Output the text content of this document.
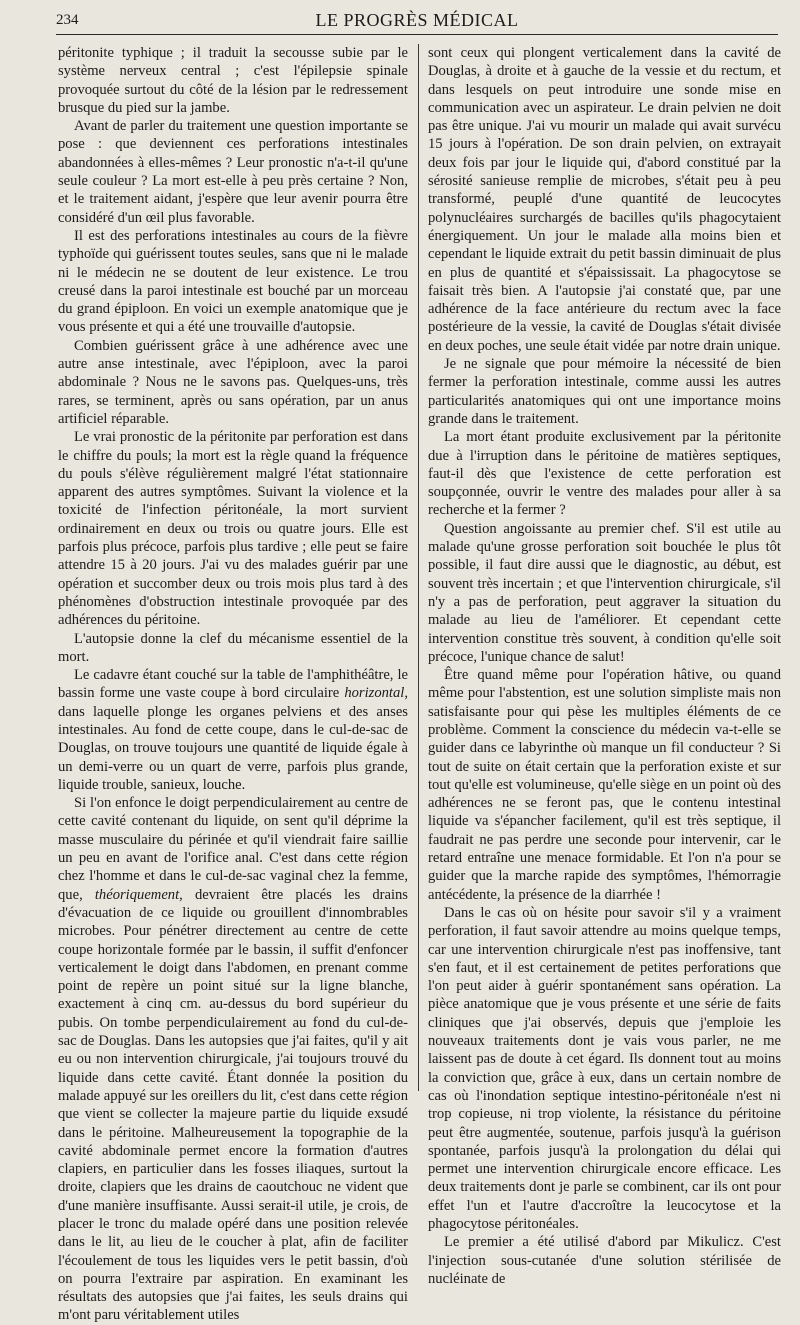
234	LE PROGRÈS MÉDICAL

péritonite typhique ; il traduit la secousse subie par le système nerveux central ; c'est l'épilepsie spinale provoquée surtout du côté de la lésion par le redressement brusque du pied sur la jambe.

Avant de parler du traitement une question importante se pose : que deviennent ces perforations intestinales abandonnées à elles-mêmes ? Leur pronostic n'a-t-il qu'une seule couleur ? La mort est-elle à peu près certaine ? Non, et le traitement aidant, j'espère que leur avenir pourra être considéré d'un œil plus favorable.

Il est des perforations intestinales au cours de la fièvre typhoïde qui guérissent toutes seules, sans que ni le malade ni le médecin ne se doutent de leur existence. Le trou creusé dans la paroi intestinale est bouché par un morceau du grand épiploon. En voici un exemple anatomique que je vous présente et qui a été une trouvaille d'autopsie.

Combien guérissent grâce à une adhérence avec une autre anse intestinale, avec l'épiploon, avec la paroi abdominale ? Nous ne le savons pas. Quelques-uns, très rares, se terminent, après ou sans opération, par un anus artificiel réparable.

Le vrai pronostic de la péritonite par perforation est dans le chiffre du pouls; la mort est la règle quand la fréquence du pouls s'élève régulièrement malgré l'état stationnaire apparent des autres symptômes. Suivant la violence et la toxicité de l'infection péritonéale, la mort survient ordinairement en deux ou trois ou quatre jours. Elle est parfois plus précoce, parfois plus tardive ; elle peut se faire attendre 15 à 20 jours. J'ai vu des malades guérir par une opération et succomber deux ou trois mois plus tard à des phénomènes d'obstruction intestinale provoquée par des adhérences du péritoine.

L'autopsie donne la clef du mécanisme essentiel de la mort.

Le cadavre étant couché sur la table de l'amphithéâtre, le bassin forme une vaste coupe à bord circulaire horizontal, dans laquelle plonge les organes pelviens et des anses intestinales. Au fond de cette coupe, dans le cul-de-sac de Douglas, on trouve toujours une quantité de liquide égale à un demi-verre ou un quart de verre, parfois plus grande, liquide trouble, sanieux, louche.

Si l'on enfonce le doigt perpendiculairement au centre de cette cavité contenant du liquide, on sent qu'il déprime la masse musculaire du périnée et qu'il viendrait faire saillie un peu en avant de l'orifice anal. C'est dans cette région chez l'homme et dans le cul-de-sac vaginal chez la femme, que, théoriquement, devraient être placés les drains d'évacuation de ce liquide ou grouillent d'innombrables microbes. Pour pénétrer directement au centre de cette coupe horizontale formée par le bassin, il suffit d'enfoncer verticalement le doigt dans l'abdomen, en prenant comme point de repère un point situé sur la ligne blanche, exactement à cinq cm. au-dessus du bord supérieur du pubis. On tombe perpendiculairement au fond du cul-de-sac de Douglas. Dans les autopsies que j'ai faites, qu'il y ait eu ou non intervention chirurgicale, j'ai toujours trouvé du liquide dans cette cavité. Étant donnée la position du malade appuyé sur les oreillers du lit, c'est dans cette région que vient se collecter la majeure partie du liquide exsudé dans le péritoine. Malheureusement la topographie de la cavité abdominale permet encore la formation d'autres clapiers, en particulier dans les fosses iliaques, surtout la droite, clapiers que les drains de caoutchouc ne vident que d'une manière insuffisante. Aussi serait-il utile, je crois, de placer le tronc du malade opéré dans une position relevée dans le lit, au lieu de le coucher à plat, afin de faciliter l'écoulement de tous les liquides vers le petit bassin, d'où on pourra l'extraire par aspiration. En examinant les résultats des autopsies que j'ai faites, les seuls drains qui m'ont paru véritablement utiles

sont ceux qui plongent verticalement dans la cavité de Douglas, à droite et à gauche de la vessie et du rectum, et dans lesquels on peut introduire une sonde mise en communication avec un aspirateur. Le drain pelvien ne doit pas être unique. J'ai vu mourir un malade qui avait survécu 15 jours à l'opération. De son drain pelvien, on extrayait deux fois par jour le liquide qui, d'abord constitué par la sérosité sanieuse remplie de microbes, s'était peu à peu transformé, peuplé d'une quantité de leucocytes polynucléaires surchargés de bacilles qu'ils phagocytaient énergiquement. Un jour le malade alla moins bien et cependant le liquide extrait du petit bassin diminuait de plus en plus de quantité et s'épaississait. La phagocytose se faisait très bien. A l'autopsie j'ai constaté que, par une adhérence de la face antérieure du rectum avec la face postérieure de la vessie, la cavité de Douglas s'était divisée en deux poches, une seule était vidée par notre drain unique.

Je ne signale que pour mémoire la nécessité de bien fermer la perforation intestinale, comme aussi les autres particularités anatomiques qui ont une importance moins grande dans le traitement.

La mort étant produite exclusivement par la péritonite due à l'irruption dans le péritoine de matières septiques, faut-il dès que l'existence de cette perforation est soupçonnée, ouvrir le ventre des malades pour aller à sa recherche et la fermer ?

Question angoissante au premier chef. S'il est utile au malade qu'une grosse perforation soit bouchée le plus tôt possible, il faut dire aussi que le diagnostic, au début, est souvent très incertain ; et que l'intervention chirurgicale, s'il n'y a pas de perforation, peut aggraver la situation du malade au lieu de l'améliorer. Et cependant cette intervention constitue très souvent, à condition qu'elle soit précoce, l'unique chance de salut!

Être quand même pour l'opération hâtive, ou quand même pour l'abstention, est une solution simpliste mais non satisfaisante pour qui pèse les multiples éléments de ce problème. Comment la conscience du médecin va-t-elle se guider dans ce labyrinthe où manque un fil conducteur ? Si tout de suite on était certain que la perforation existe et sur tout qu'elle est volumineuse, qu'elle siège en un point où des adhérences ne se feront pas, que le contenu intestinal liquide va s'épancher facilement, qu'il est très septique, il faudrait ne pas perdre une seconde pour intervenir, car le retard entraîne une menace formidable. Et l'on n'a pour se guider que la marche rapide des symptômes, l'hémorragie antécédente, la présence de la diarrhée !

Dans le cas où on hésite pour savoir s'il y a vraiment perforation, il faut savoir attendre au moins quelque temps, car une intervention chirurgicale n'est pas inoffensive, tant s'en faut, et il est certainement de petites perforations que l'on peut aider à guérir spontanément sans opération. La pièce anatomique que je vous présente et une série de faits cliniques que j'ai observés, depuis que j'emploie les nouveaux traitements dont je vais vous parler, ne me laissent pas de doute à cet égard. Ils donnent tout au moins la conviction que, grâce à eux, dans un certain nombre de cas où l'inondation septique intestino-péritonéale n'est ni trop copieuse, ni trop violente, la résistance du péritoine peut être augmentée, soutenue, parfois jusqu'à la guérison spontanée, parfois jusqu'à la prolongation du délai qui permet une intervention chirurgicale encore efficace. Les deux traitements dont je parle se combinent, car ils ont pour effet l'un et l'autre d'accroître la leucocytose et la phagocytose péritonéales.

Le premier a été utilisé d'abord par Mikulicz. C'est l'injection sous-cutanée d'une solution stérilisée de nucléinate de
